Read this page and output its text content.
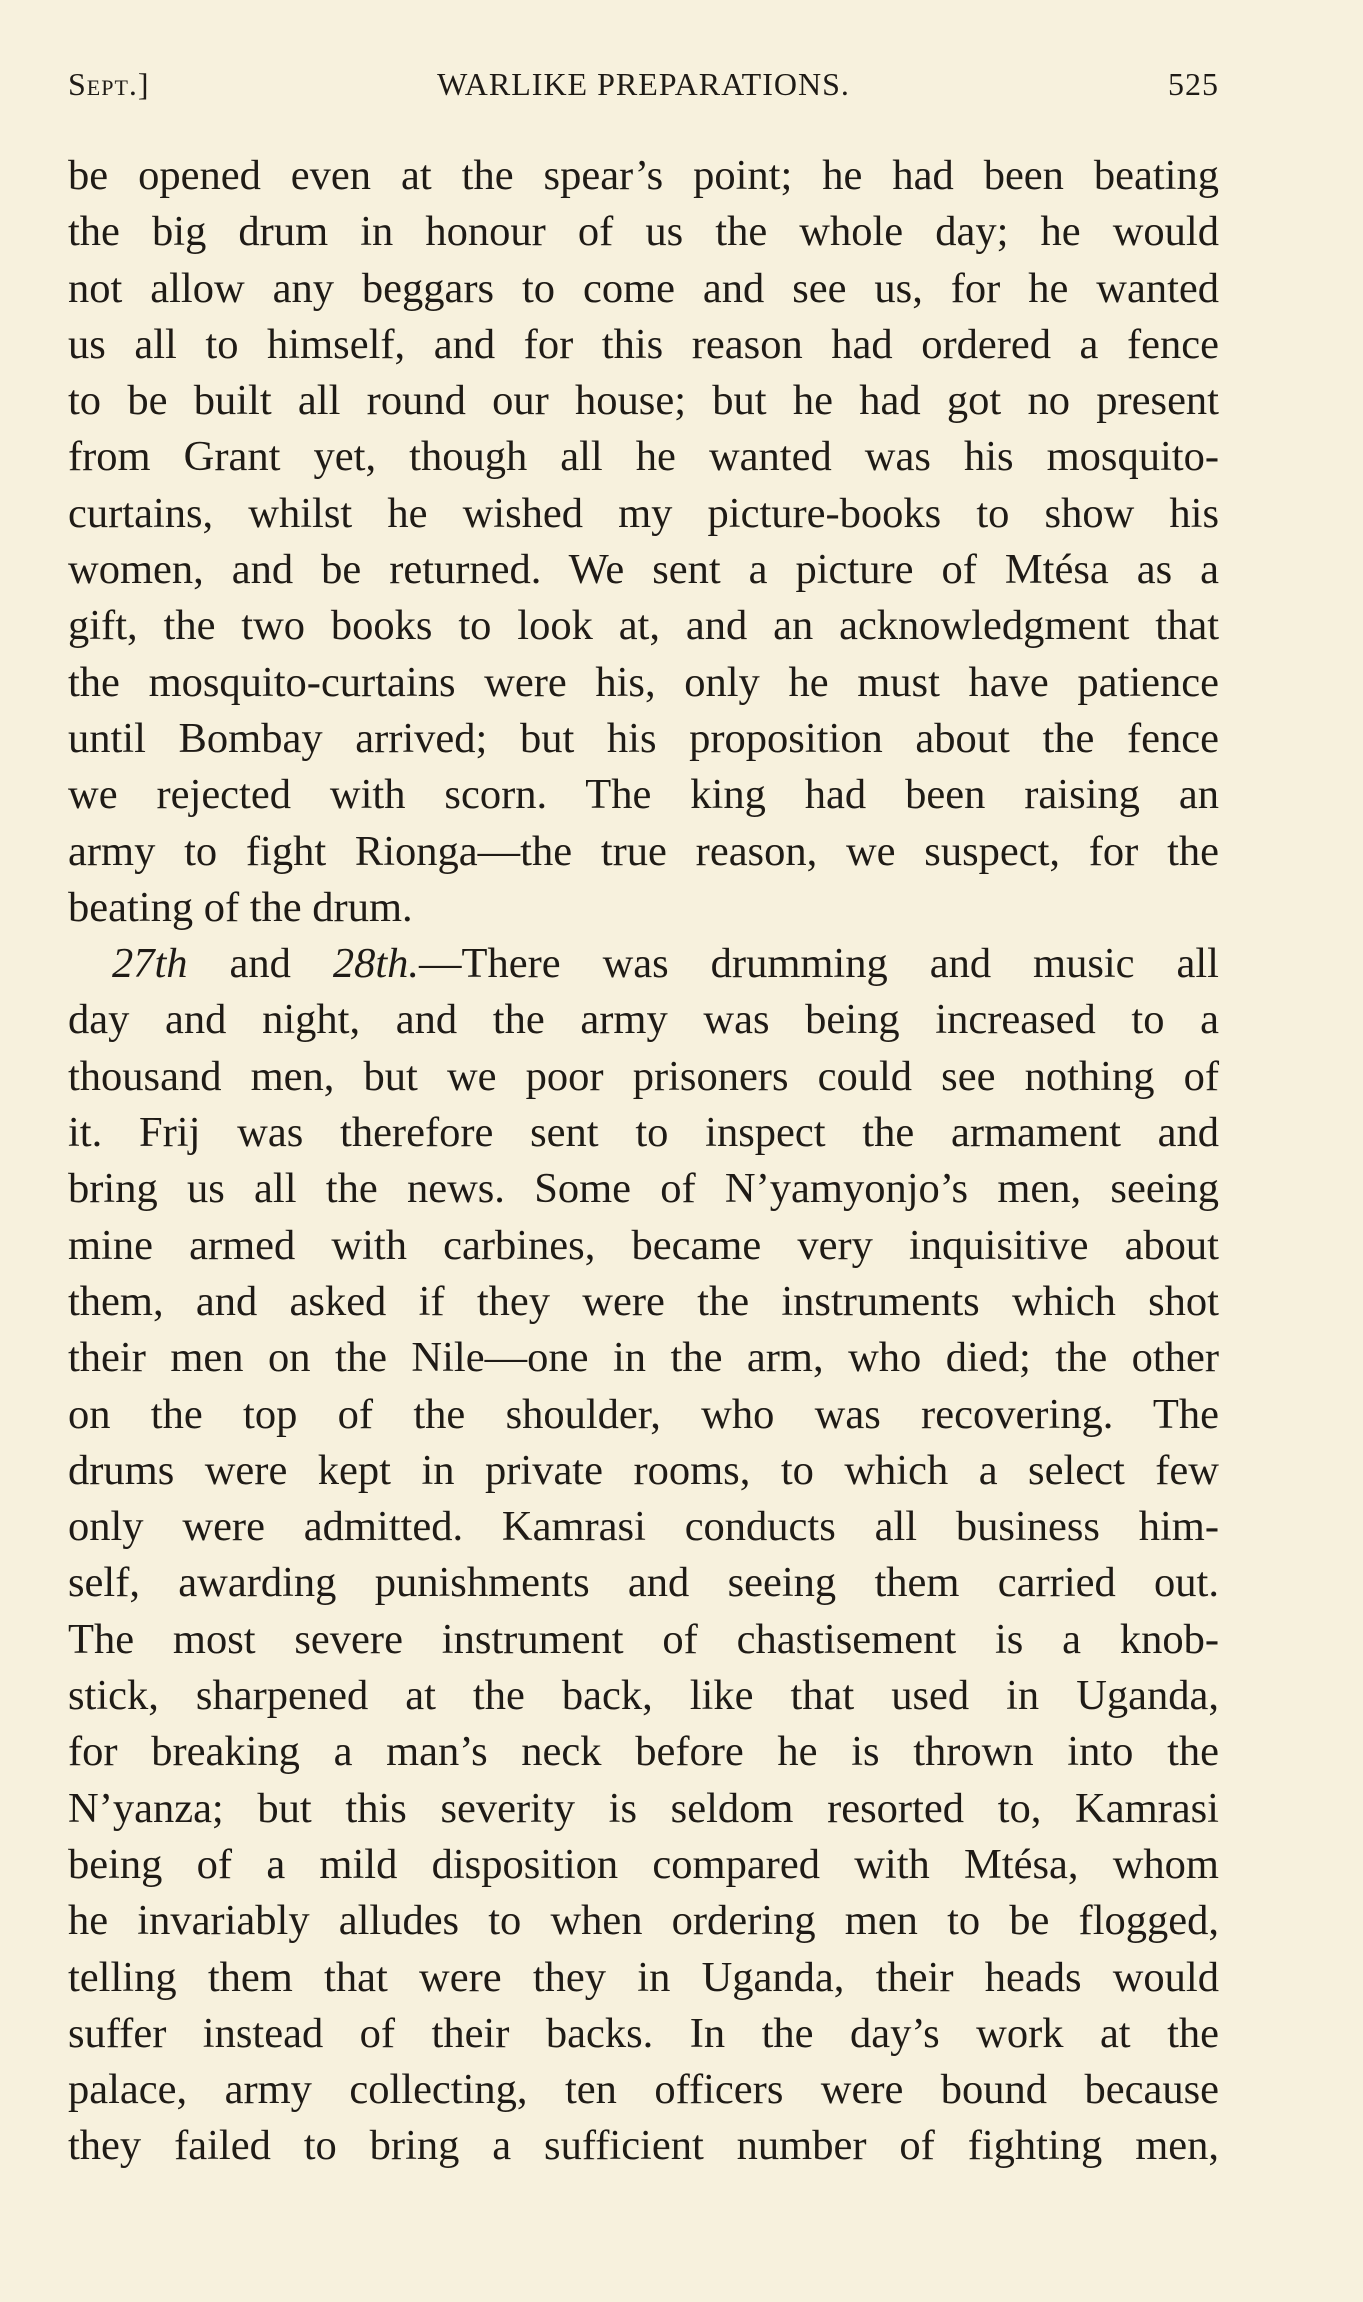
Sept.]	WARLIKE PREPARATIONS.	525
be opened even at the spear’s point; he had been beating
the big drum in honour of us the whole day; he would
not allow any beggars to come and see us, for he wanted
us all to himself, and for this reason had ordered a fence
to be built all round our house; but he had got no present
from Grant yet, though all he wanted was his mosquito-
curtains, whilst he wished my picture-books to show his
women, and be returned. We sent a picture of Mtésa as a
gift, the two books to look at, and an acknowledgment that
the mosquito-curtains were his, only he must have patience
until Bombay arrived; but his proposition about the fence
we rejected with scorn. The king had been raising an
army to fight Rionga—the true reason, we suspect, for the
beating of the drum.
27th and 28th.—There was drumming and music all
day and night, and the army was being increased to a
thousand men, but we poor prisoners could see nothing of
it. Frij was therefore sent to inspect the armament and
bring us all the news. Some of N’yamyonjo’s men, seeing
mine armed with carbines, became very inquisitive about
them, and asked if they were the instruments which shot
their men on the Nile—one in the arm, who died; the other
on the top of the shoulder, who was recovering. The
drums were kept in private rooms, to which a select few
only were admitted. Kamrasi conducts all business him-
self, awarding punishments and seeing them carried out.
The most severe instrument of chastisement is a knob-
stick, sharpened at the back, like that used in Uganda,
for breaking a man’s neck before he is thrown into the
N’yanza; but this severity is seldom resorted to, Kamrasi
being of a mild disposition compared with Mtésa, whom
he invariably alludes to when ordering men to be flogged,
telling them that were they in Uganda, their heads would
suffer instead of their backs. In the day’s work at the
palace, army collecting, ten officers were bound because
they failed to bring a sufficient number of fighting men,
